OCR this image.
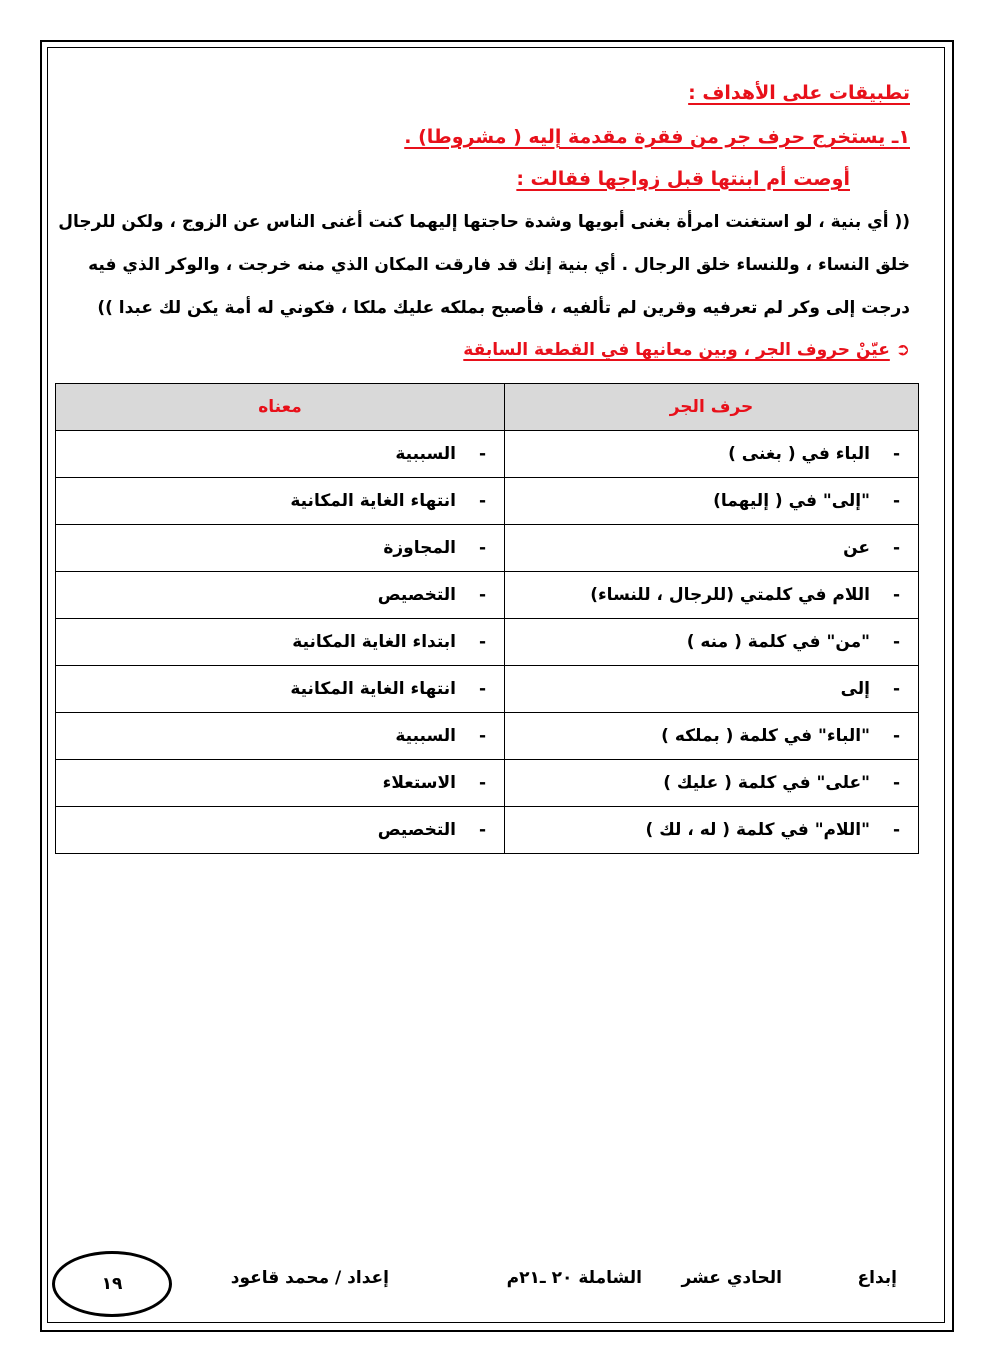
تطبيقات على الأهداف :
١ـ يستخرج حرف جر من فقرة مقدمة إليه ( مشروطا) .
أوصت أم ابنتها قبل زواجها فقالت :
(( أي بنية ، لو استغنت امرأة بغنى أبويها وشدة حاجتها إليهما كنت أغنى الناس عن الزوج ، ولكن للرجال
خلق النساء ، وللنساء خلق الرجال . أي بنية إنك قد فارقت المكان الذي منه خرجت ، والوكر الذي فيه
درجت إلى وكر لم تعرفيه وقرين لم تألفيه ، فأصبح بملكه عليك ملكا ، فكوني له أمة يكن لك عبدا ))
➲ عيّنْ حروف الجر ، وبين معانيها في القطعة السابقة
حرف الجر	معناه
-الباء في ( بغنى )	-السببية
-"إلى" في ( إليهما)	-انتهاء الغاية المكانية
-عن	-المجاوزة
-اللام في كلمتي (للرجال ، للنساء)	-التخصيص
-"من" في كلمة ( منه )	-ابتداء الغاية المكانية
-إلى	-انتهاء الغاية المكانية
-"الباء" في كلمة ( بملكه )	-السببية
-"على" في كلمة ( عليك )	-الاستعلاء
-"اللام" في كلمة ( له ، لك )	-التخصيص
إبداع
الحادي عشر
الشاملة ٢٠ ـ٢١م
إعداد / محمد قاعود
١٩
